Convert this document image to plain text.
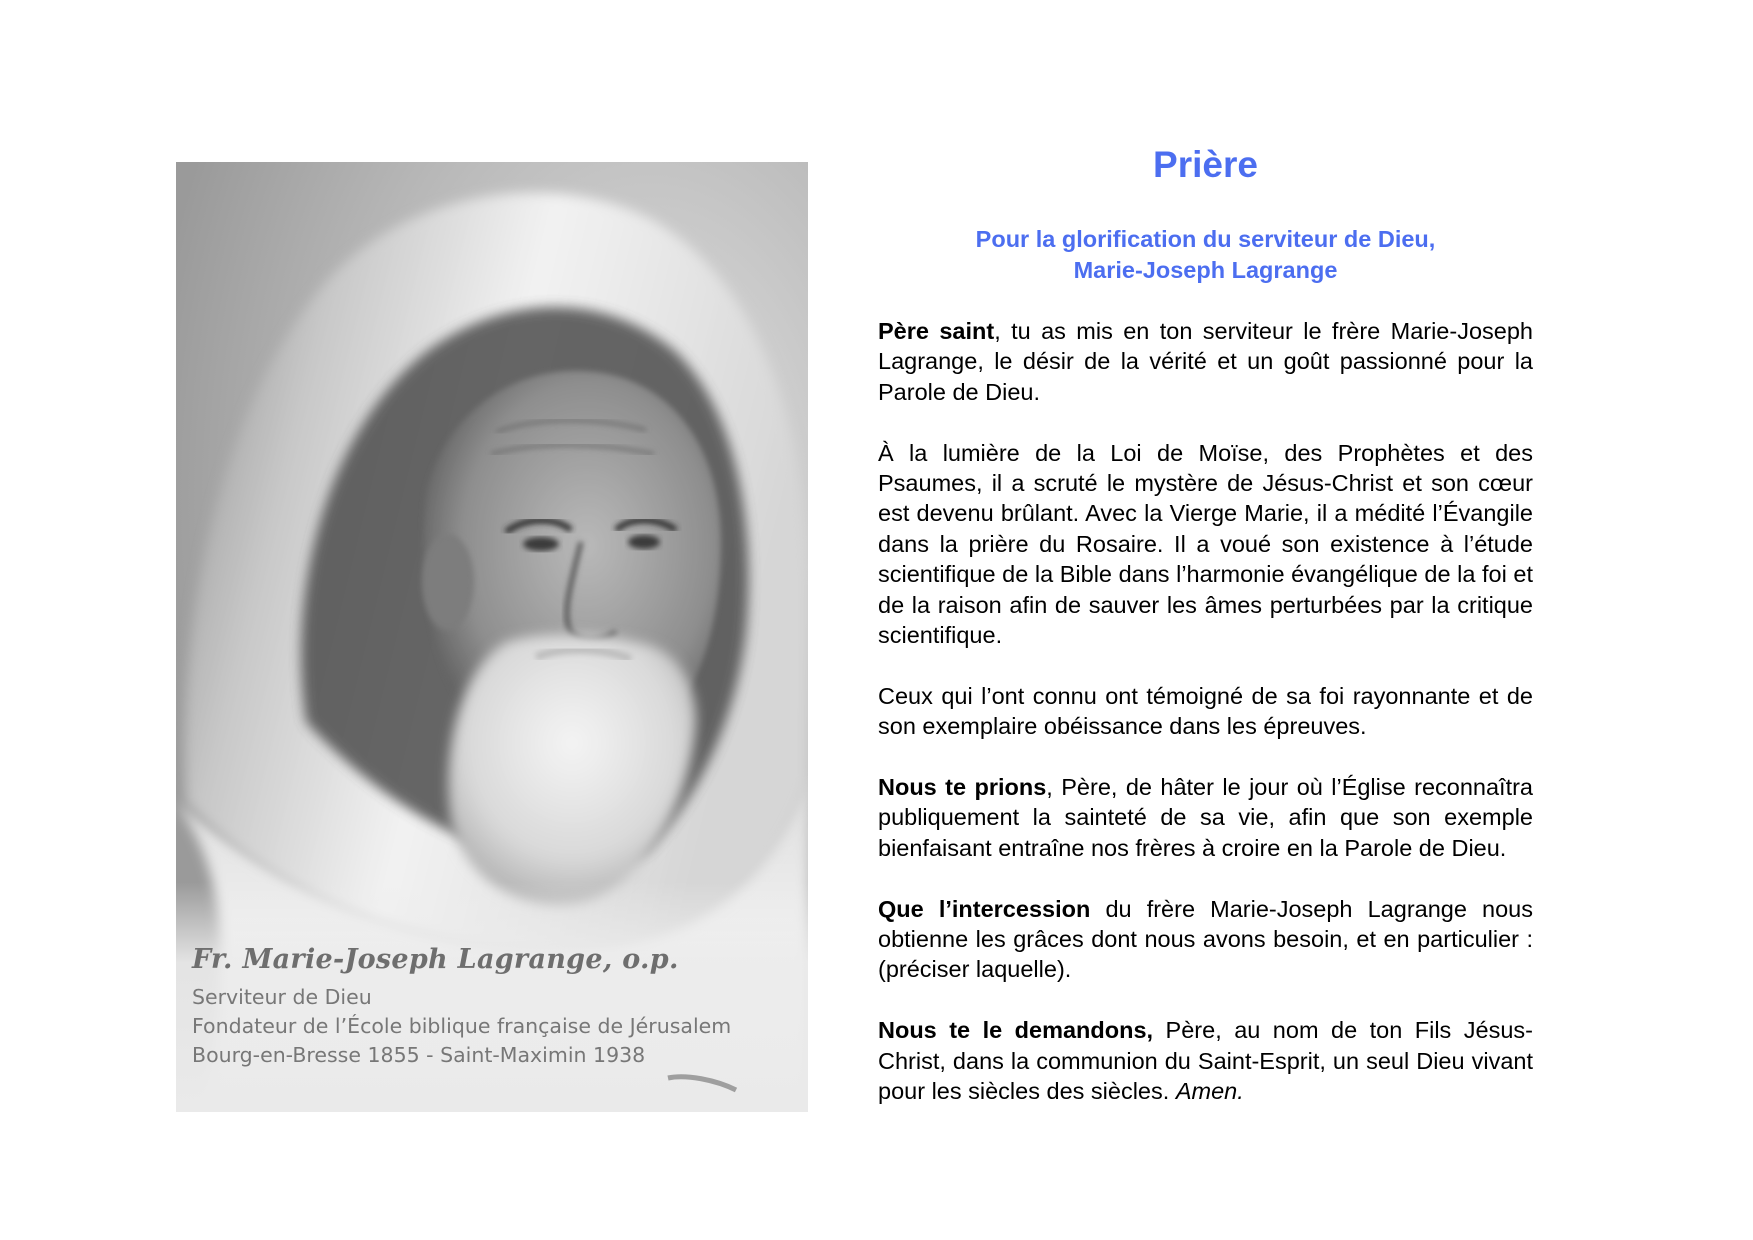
Fr. Marie-Joseph Lagrange, o.p.
Serviteur de Dieu
Fondateur de l’École biblique française de Jérusalem
Bourg-en-Bresse 1855 - Saint-Maximin 1938
Prière
Pour la glorification du serviteur de Dieu,
Marie-Joseph Lagrange
Père saint, tu as mis en ton serviteur le frère Marie-Joseph Lagrange, le désir de la vérité et un goût passionné pour la Parole de Dieu.
À la lumière de la Loi de Moïse, des Prophètes et des Psaumes, il a scruté le mystère de Jésus-Christ et son cœur est devenu brûlant. Avec la Vierge Marie, il a médité l’Évangile dans la prière du Rosaire. Il a voué son existence à l’étude scientifique de la Bible dans l’harmonie évangélique de la foi et de la raison afin de sauver les âmes perturbées par la critique scientifique.
Ceux qui l’ont connu ont témoigné de sa foi rayonnante et de son exemplaire obéissance dans les épreuves.
Nous te prions, Père, de hâter le jour où l’Église reconnaîtra publiquement la sainteté de sa vie, afin que son exemple bienfaisant entraîne nos frères à croire en la Parole de Dieu.
Que l’intercession du frère Marie-Joseph Lagrange nous obtienne les grâces dont nous avons besoin, et en particulier : (préciser laquelle).
Nous te le demandons, Père, au nom de ton Fils Jésus-Christ, dans la communion du Saint-Esprit, un seul Dieu vivant pour les siècles des siècles. Amen.
